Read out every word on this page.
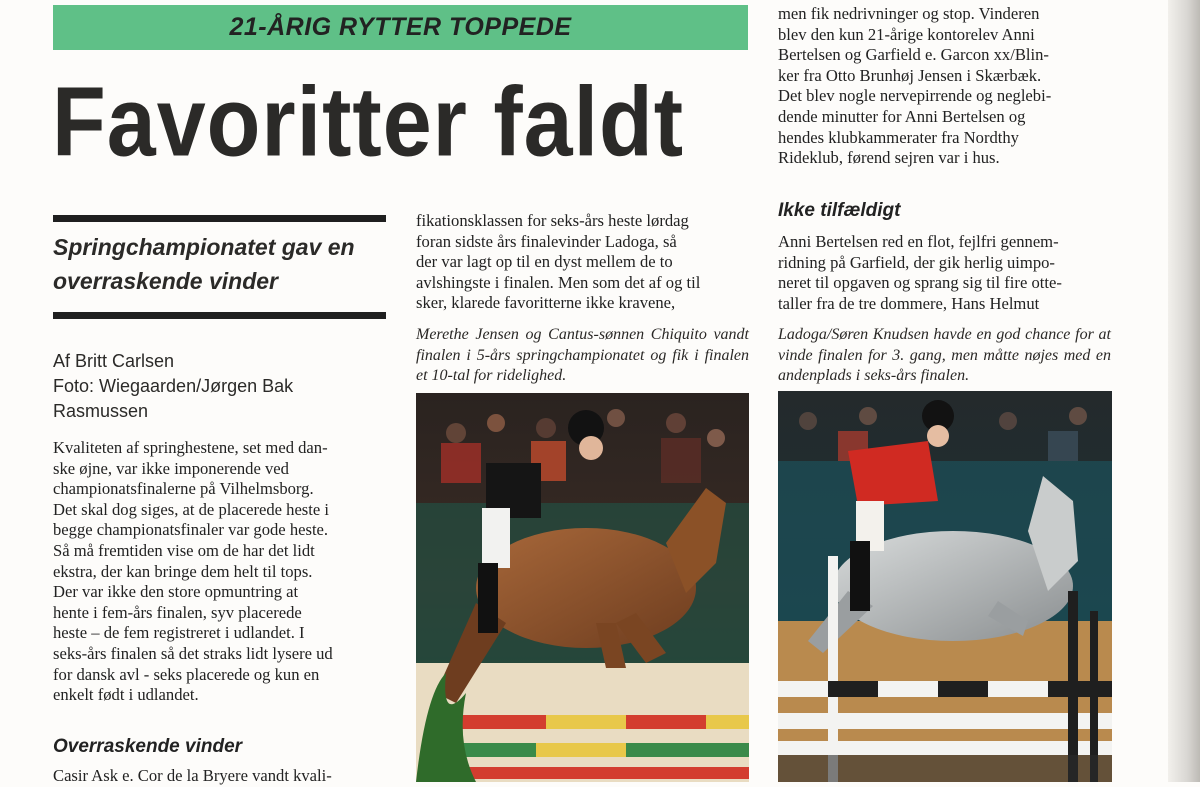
21-ÅRIG RYTTER TOPPEDE
Favoritter faldt
Springchampionatet gav en overraskende vinder
Af Britt Carlsen
Foto: Wiegaarden/Jørgen Bak Rasmussen
Kvaliteten af springhestene, set med dan-
ske øjne, var ikke imponerende ved
championatsfinalerne på Vilhelmsborg.
Det skal dog siges, at de placerede heste i
begge championatsfinaler var gode heste.
Så må fremtiden vise om de har det lidt
ekstra, der kan bringe dem helt til tops.
Der var ikke den store opmuntring at
hente i fem-års finalen, syv placerede
heste – de fem registreret i udlandet. I
seks-års finalen så det straks lidt lysere ud
for dansk avl - seks placerede og kun en
enkelt født i udlandet.
Overraskende vinder
Casir Ask e. Cor de la Bryere vandt kvali-
fikationsklassen for seks-års heste lørdag
foran sidste års finalevinder Ladoga, så
der var lagt op til en dyst mellem de to
avlshingste i finalen. Men som det af og til
sker, klarede favoritterne ikke kravene,
Merethe Jensen og Cantus-sønnen Chiquito vandt finalen i 5-års springchampionatet og fik i finalen et 10-tal for ridelighed.
men fik nedrivninger og stop. Vinderen
blev den kun 21-årige kontorelev Anni
Bertelsen og Garfield e. Garcon xx/Blin-
ker fra Otto Brunhøj Jensen i Skærbæk.
Det blev nogle nervepirrende og neglebi-
dende minutter for Anni Bertelsen og
hendes klubkammerater fra Nordthy
Rideklub, førend sejren var i hus.
Ikke tilfældigt
Anni Bertelsen red en flot, fejlfri gennem-
ridning på Garfield, der gik herlig uimpo-
neret til opgaven og sprang sig til fire otte-
taller fra de tre dommere, Hans Helmut
Ladoga/Søren Knudsen havde en god chance for at vinde finalen for 3. gang, men måtte nøjes med en andenplads i seks-års finalen.
